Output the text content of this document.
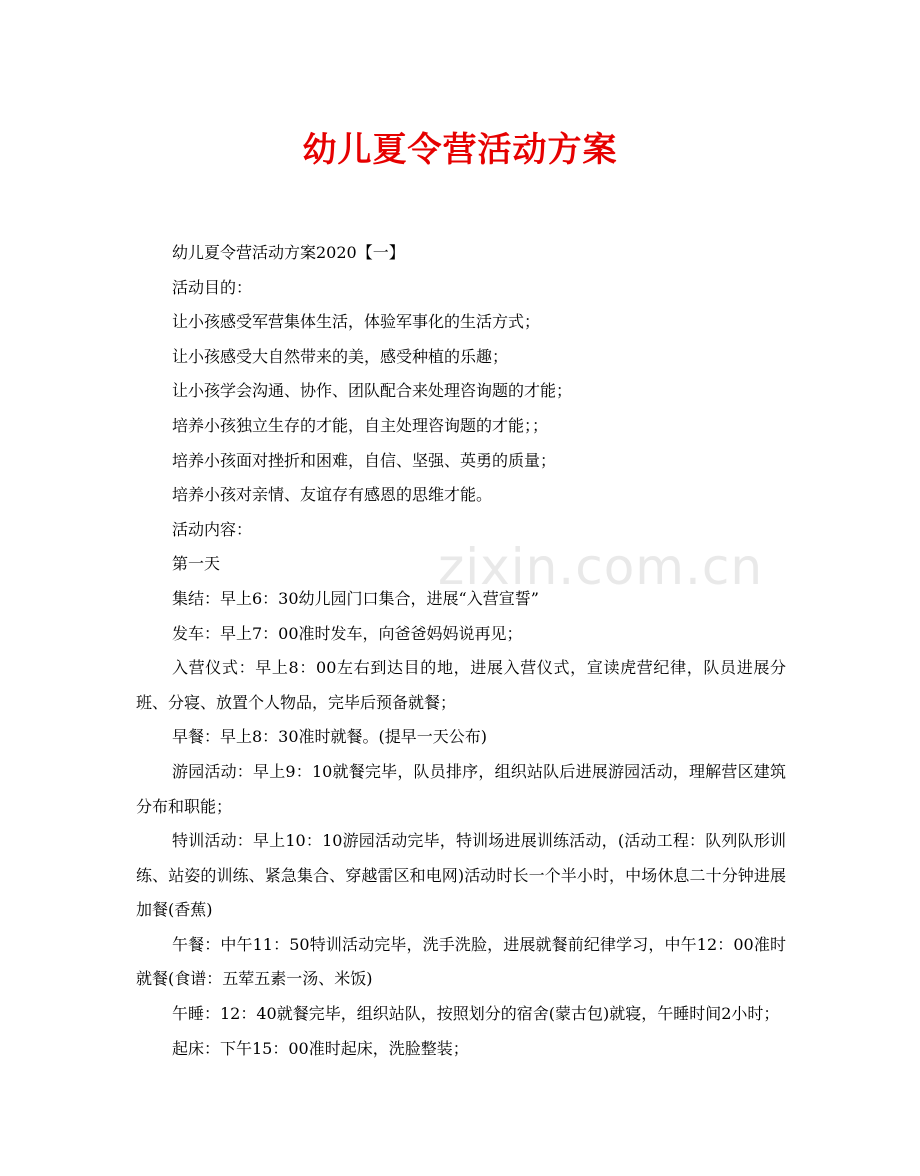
zixin.com.cn
幼儿夏令营活动方案

幼儿夏令营活动方案2020【一】

活动目的：

让小孩感受军营集体生活，体验军事化的生活方式；

让小孩感受大自然带来的美，感受种植的乐趣；

让小孩学会沟通、协作、团队配合来处理咨询题的才能；

培养小孩独立生存的才能，自主处理咨询题的才能；；

培养小孩面对挫折和困难，自信、坚强、英勇的质量；

培养小孩对亲情、友谊存有感恩的思维才能。

活动内容：

第一天

集结：早上6：30幼儿园门口集合，进展“入营宣誓”

发车：早上7：00准时发车，向爸爸妈妈说再见；

入营仪式：早上8：00左右到达目的地，进展入营仪式，宣读虎营纪律，队员进展分班、分寝、放置个人物品，完毕后预备就餐；

早餐：早上8：30准时就餐。(提早一天公布)

游园活动：早上9：10就餐完毕，队员排序，组织站队后进展游园活动，理解营区建筑分布和职能；

特训活动：早上10：10游园活动完毕，特训场进展训练活动，(活动工程：队列队形训练、站姿的训练、紧急集合、穿越雷区和电网)活动时长一个半小时，中场休息二十分钟进展加餐(香蕉)

午餐：中午11：50特训活动完毕，洗手洗脸，进展就餐前纪律学习，中午12：00准时就餐(食谱：五荤五素一汤、米饭)

午睡：12：40就餐完毕，组织站队，按照划分的宿舍(蒙古包)就寝，午睡时间2小时；

起床：下午15：00准时起床，洗脸整装；
